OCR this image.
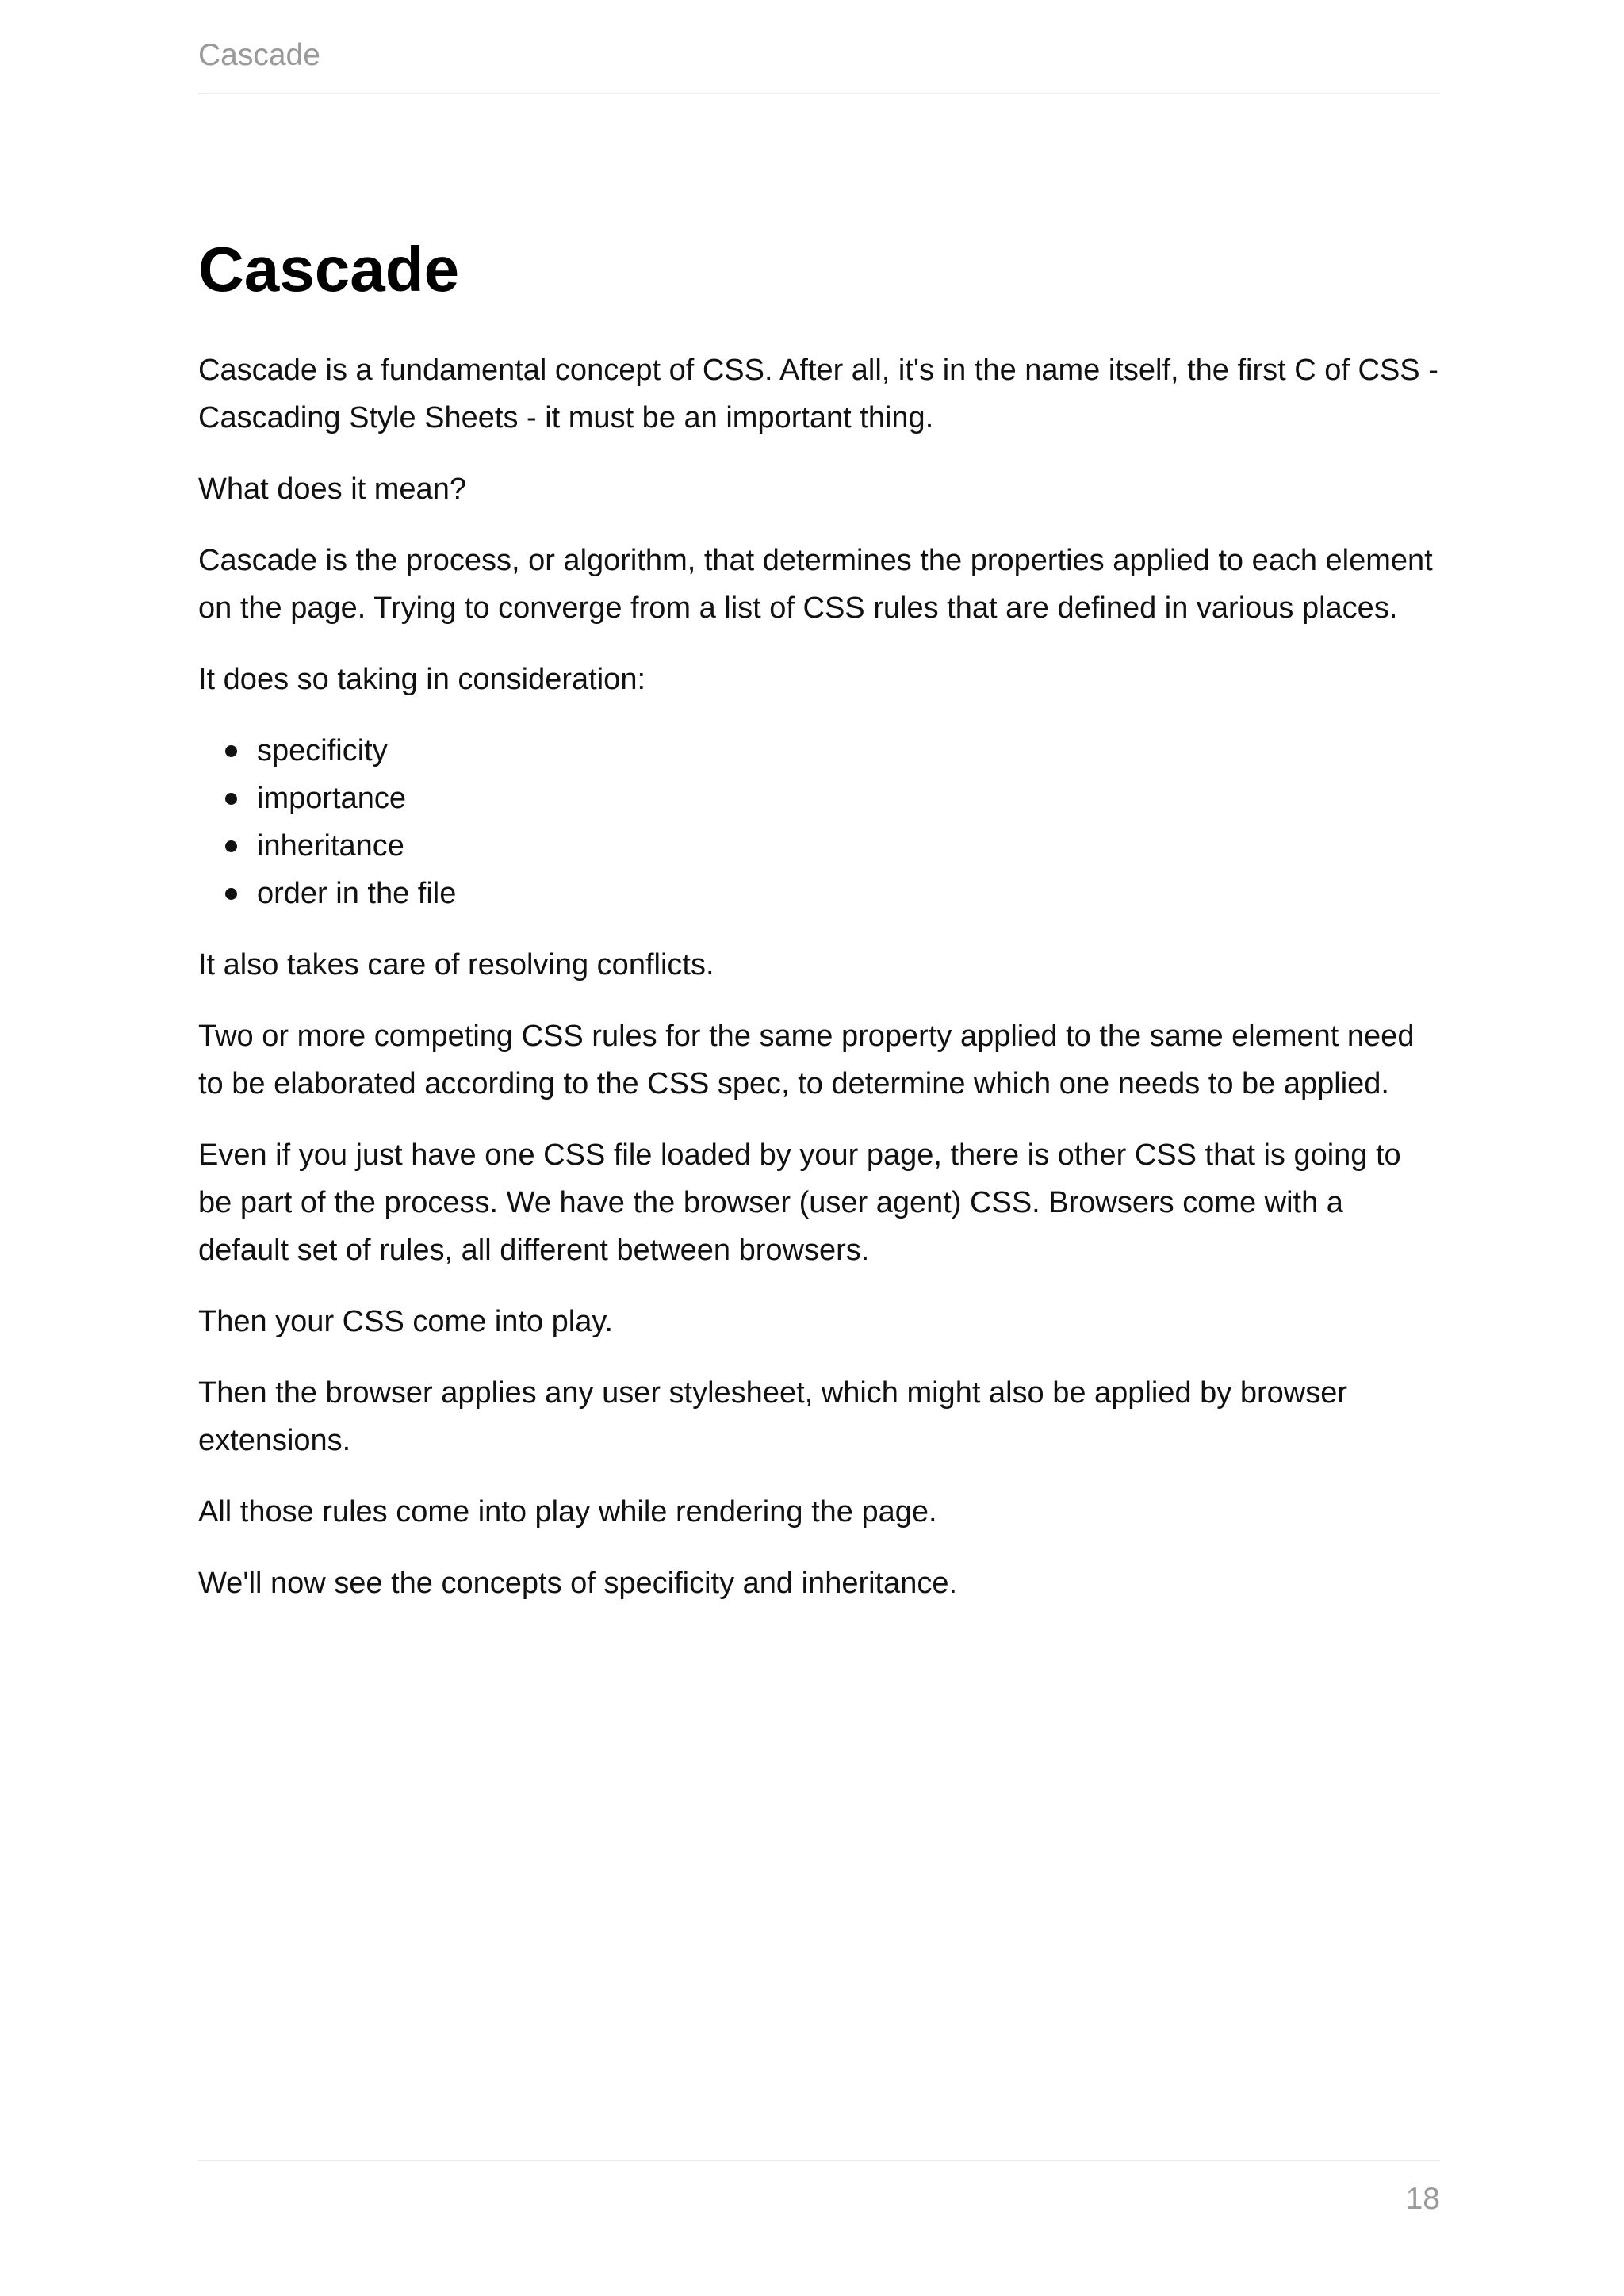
Cascade
Cascade

Cascade is a fundamental concept of CSS. After all, it's in the name itself, the first C of CSS - Cascading Style Sheets - it must be an important thing.

What does it mean?

Cascade is the process, or algorithm, that determines the properties applied to each element on the page. Trying to converge from a list of CSS rules that are defined in various places.

It does so taking in consideration:

specificity
importance
inheritance
order in the file

It also takes care of resolving conflicts.

Two or more competing CSS rules for the same property applied to the same element need to be elaborated according to the CSS spec, to determine which one needs to be applied.

Even if you just have one CSS file loaded by your page, there is other CSS that is going to be part of the process. We have the browser (user agent) CSS. Browsers come with a default set of rules, all different between browsers.

Then your CSS come into play.

Then the browser applies any user stylesheet, which might also be applied by browser extensions.

All those rules come into play while rendering the page.

We'll now see the concepts of specificity and inheritance.

18
